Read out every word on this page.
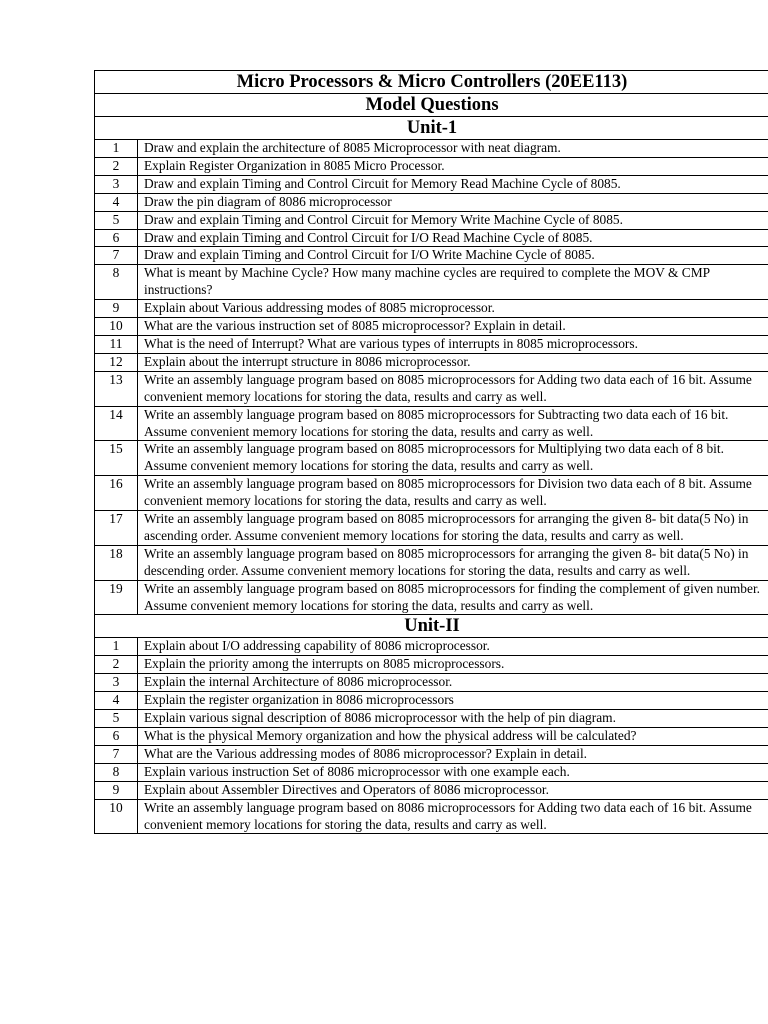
Micro Processors & Micro Controllers (20EE113)	
Model Questions	
Unit-1	
1	Draw and explain the architecture of 8085 Microprocessor with neat diagram.
2	Explain Register Organization in 8085 Micro Processor.
3	Draw and explain Timing and Control Circuit for Memory Read Machine Cycle of 8085.
4	Draw the pin diagram of 8086 microprocessor
5	Draw and explain Timing and Control Circuit for Memory Write Machine Cycle of 8085.
6	Draw and explain Timing and Control Circuit for I/O Read Machine Cycle of 8085.
7	Draw and explain Timing and Control Circuit for I/O Write Machine Cycle of 8085.
8	What is meant by Machine Cycle? How many machine cycles are required to complete the MOV & CMP instructions?
9	Explain about Various addressing modes of 8085 microprocessor.
10	What are the various instruction set of 8085 microprocessor? Explain in detail.
11	What is the need of Interrupt? What are various types of interrupts in 8085 microprocessors.
12	Explain about the interrupt structure in 8086 microprocessor.
13	Write an assembly language program based on 8085 microprocessors for Adding two data each of 16 bit. Assume convenient memory locations for storing the data, results and carry as well.
14	Write an assembly language program based on 8085 microprocessors for Subtracting two data each of 16 bit. Assume convenient memory locations for storing the data, results and carry as well.
15	Write an assembly language program based on 8085 microprocessors for Multiplying two data each of 8 bit. Assume convenient memory locations for storing the data, results and carry as well.
16	Write an assembly language program based on 8085 microprocessors for Division two data each of 8 bit. Assume convenient memory locations for storing the data, results and carry as well.
17	Write an assembly language program based on 8085 microprocessors for arranging the given 8- bit data(5 No) in ascending order. Assume convenient memory locations for storing the data, results and carry as well.
18	Write an assembly language program based on 8085 microprocessors for arranging the given 8- bit data(5 No) in descending order. Assume convenient memory locations for storing the data, results and carry as well.
19	Write an assembly language program based on 8085 microprocessors for finding the complement of given number. Assume convenient memory locations for storing the data, results and carry as well.
Unit-II	
1	Explain about I/O addressing capability of 8086 microprocessor.
2	Explain the priority among the interrupts on 8085 microprocessors.
3	Explain the internal Architecture of 8086 microprocessor.
4	Explain the register organization in 8086 microprocessors
5	Explain various signal description of 8086 microprocessor with the help of pin diagram.
6	What is the physical Memory organization and how the physical address will be calculated?
7	What are the Various addressing modes of 8086 microprocessor? Explain in detail.
8	Explain various instruction Set of 8086 microprocessor with one example each.
9	Explain about Assembler Directives and Operators of 8086 microprocessor.
10	Write an assembly language program based on 8086 microprocessors for Adding two data each of 16 bit. Assume convenient memory locations for storing the data, results and carry as well.
